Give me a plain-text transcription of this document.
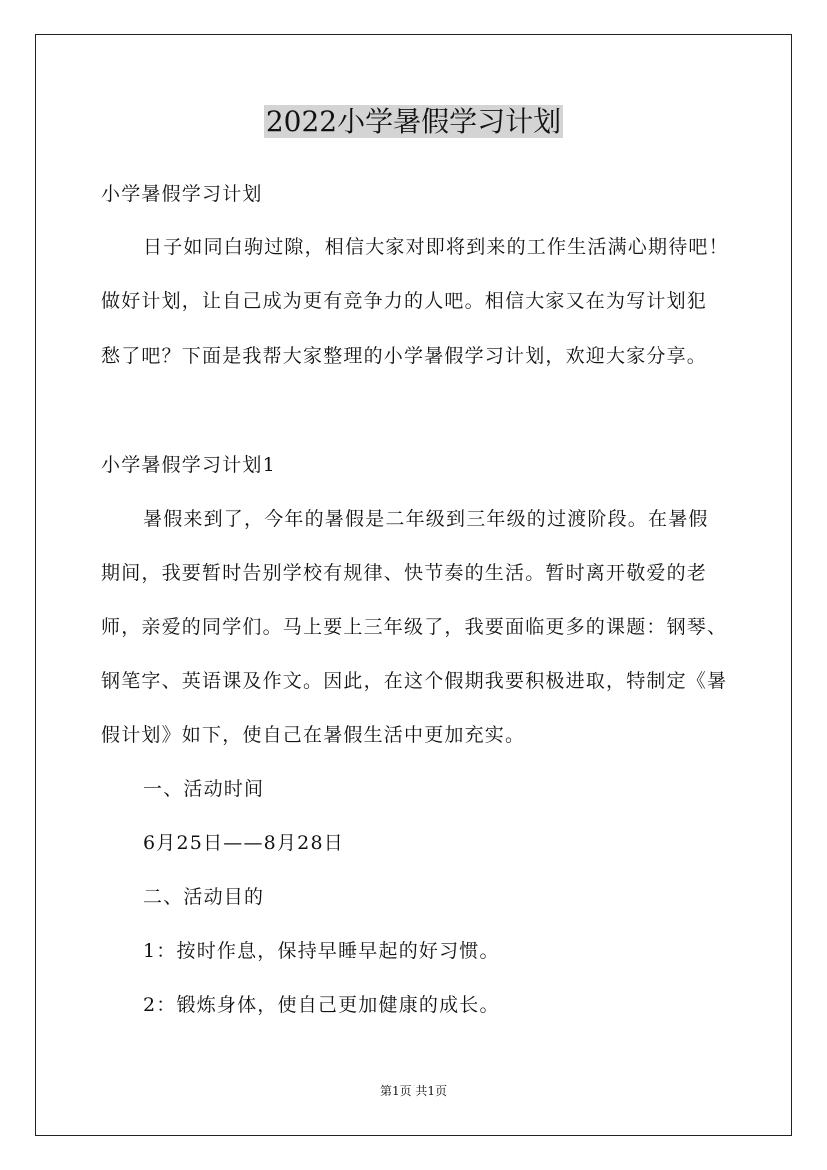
2022小学暑假学习计划
小学暑假学习计划
日子如同白驹过隙，相信大家对即将到来的工作生活满心期待吧！
做好计划，让自己成为更有竞争力的人吧。相信大家又在为写计划犯
愁了吧？下面是我帮大家整理的小学暑假学习计划，欢迎大家分享。
小学暑假学习计划1
暑假来到了，今年的暑假是二年级到三年级的过渡阶段。在暑假
期间，我要暂时告别学校有规律、快节奏的生活。暂时离开敬爱的老
师，亲爱的同学们。马上要上三年级了，我要面临更多的课题：钢琴、
钢笔字、英语课及作文。因此，在这个假期我要积极进取，特制定《暑
假计划》如下，使自己在暑假生活中更加充实。
一、活动时间
6月25日——8月28日
二、活动目的
1：按时作息，保持早睡早起的好习惯。
2：锻炼身体，使自己更加健康的成长。
第1页 共1页
